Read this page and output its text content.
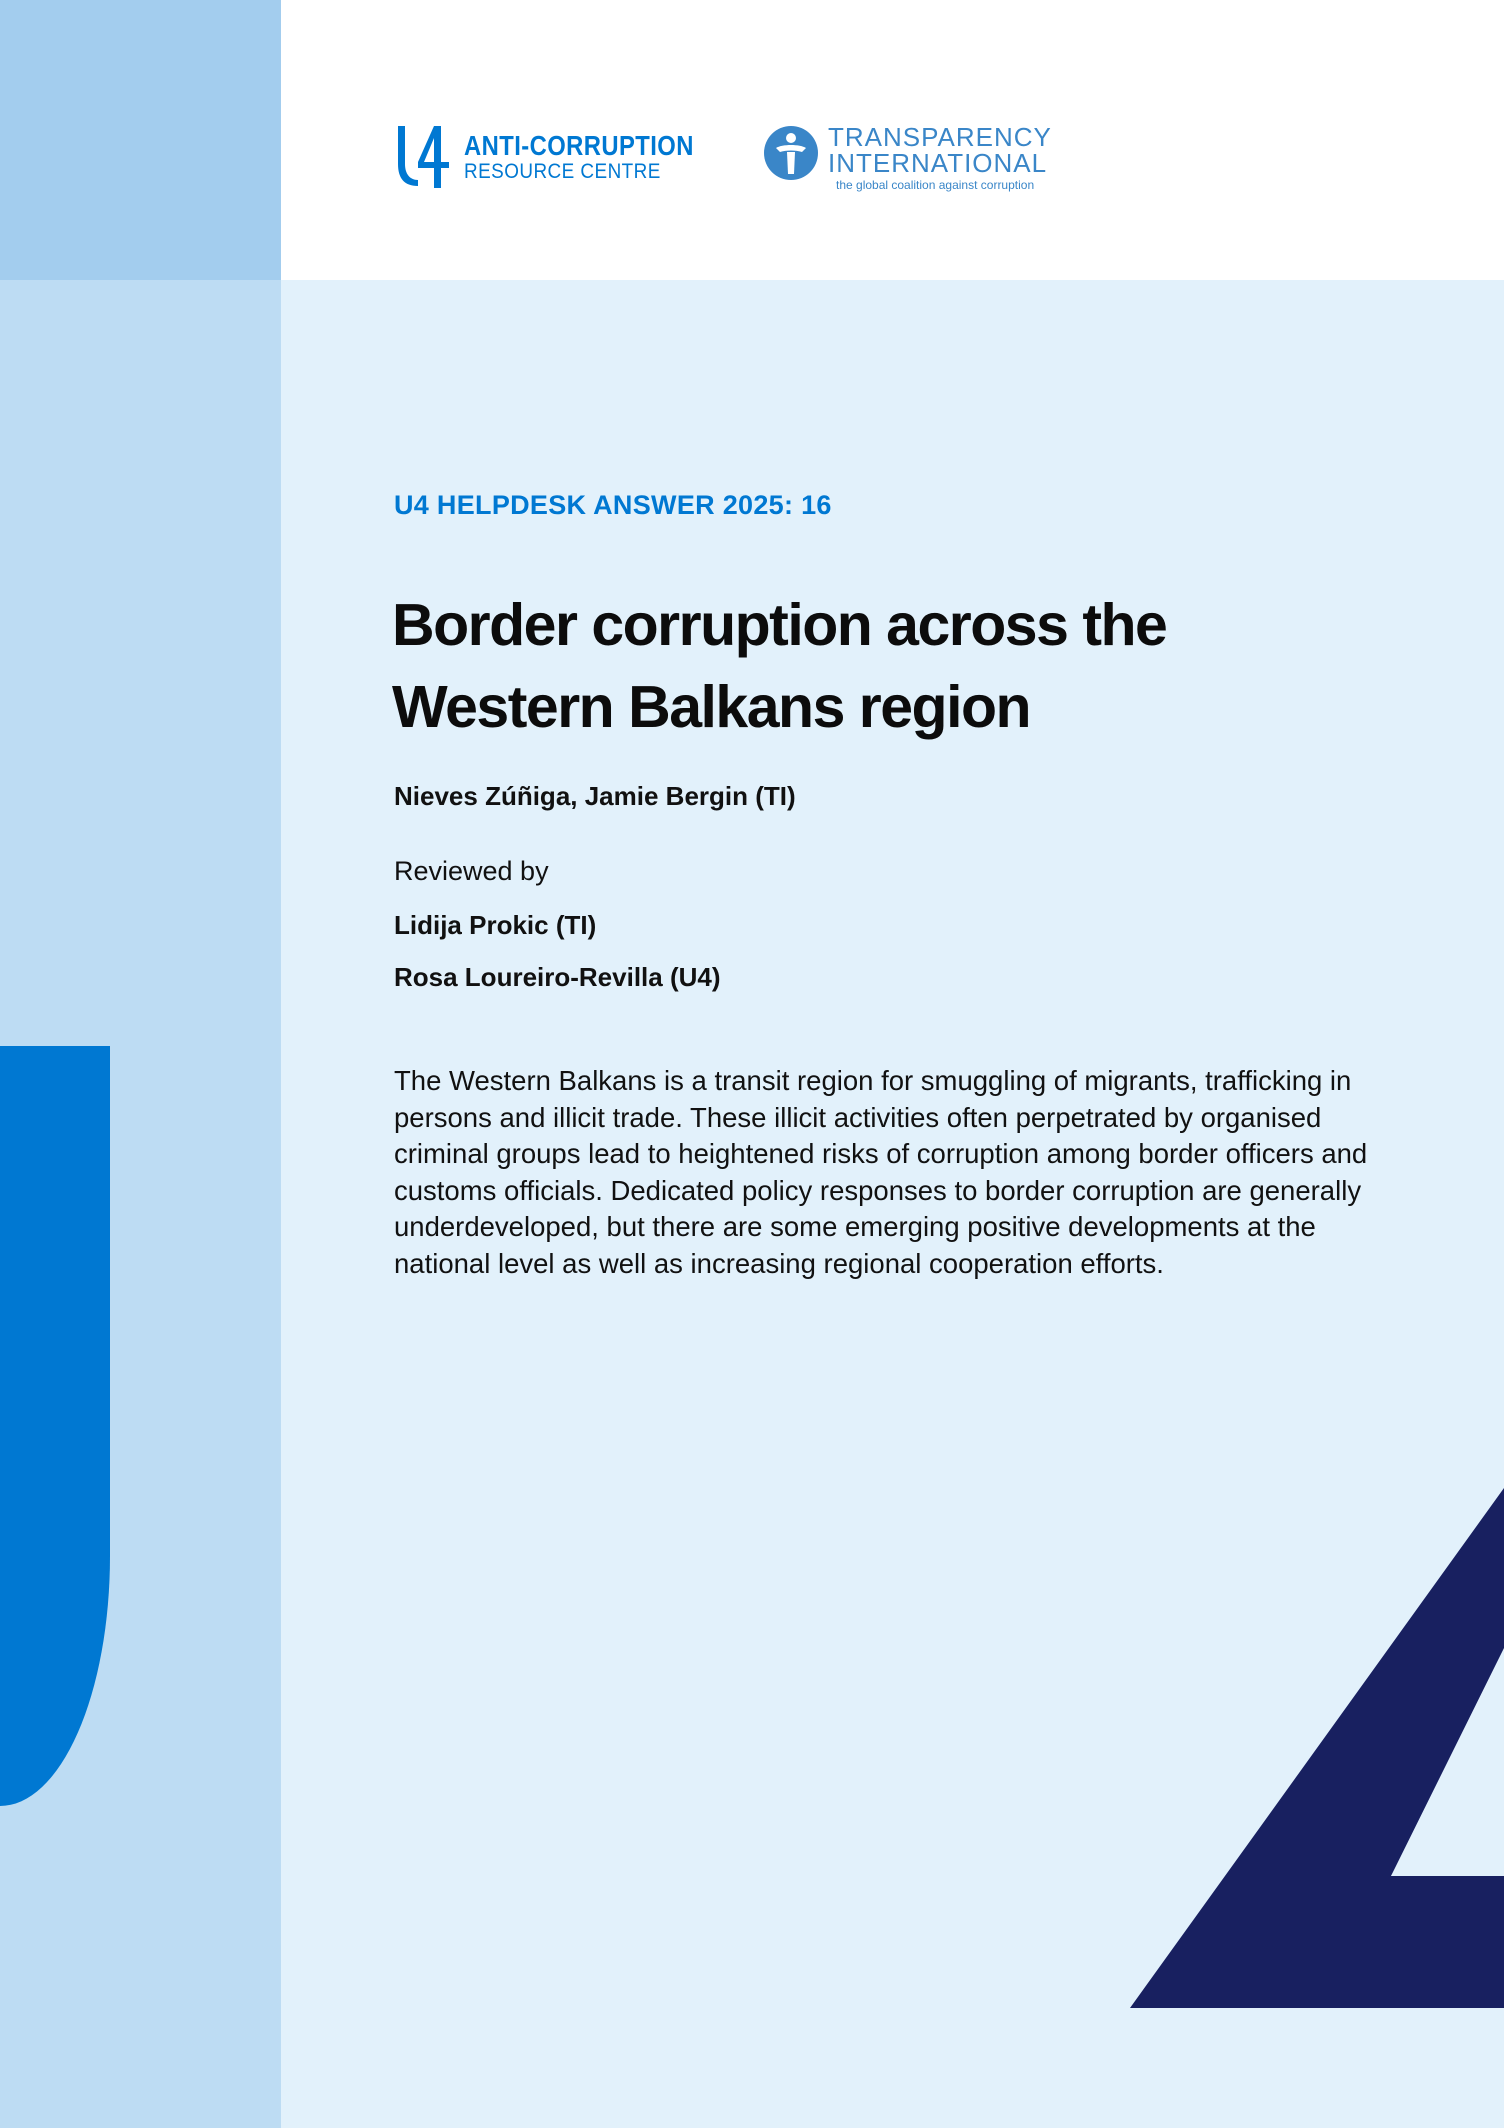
ANTI-CORRUPTION
RESOURCE CENTRE
TRANSPARENCY
INTERNATIONAL
the global coalition against corruption
U4 HELPDESK ANSWER 2025: 16
Border corruption across the
Western Balkans region
Nieves Zúñiga, Jamie Bergin (TI)
Reviewed by
Lidija Prokic (TI)
Rosa Loureiro-Revilla (U4)
The Western Balkans is a transit region for smuggling of migrants, trafficking in persons and illicit trade. These illicit activities often perpetrated by organised criminal groups lead to heightened risks of corruption among border officers and customs officials. Dedicated policy responses to border corruption are generally underdeveloped, but there are some emerging positive developments at the national level as well as increasing regional cooperation efforts.
